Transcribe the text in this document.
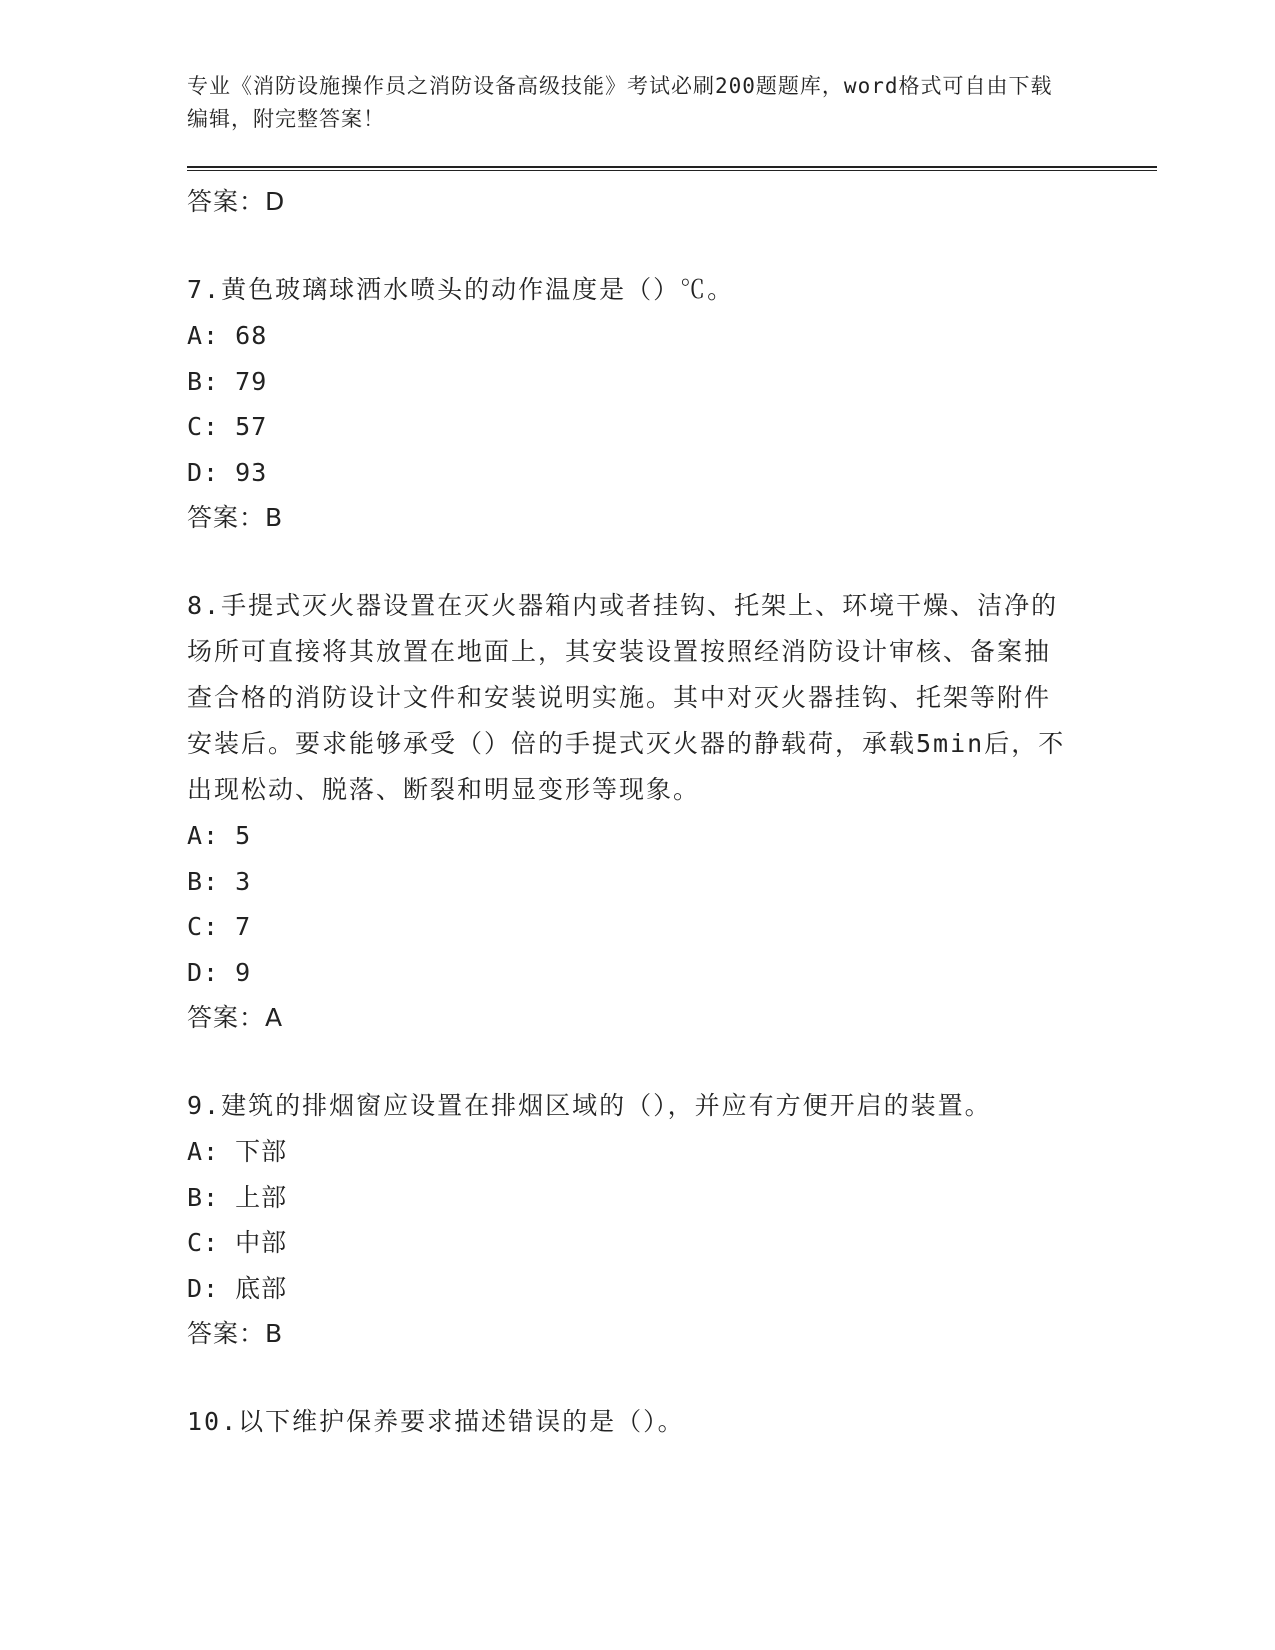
专业《消防设施操作员之消防设备高级技能》考试必刷200题题库，word格式可自由下载编辑，附完整答案！
答案：D
7.黄色玻璃球洒水喷头的动作温度是（）℃。
A: 68
B: 79
C: 57
D: 93
答案：B
8.手提式灭火器设置在灭火器箱内或者挂钩、托架上、环境干燥、洁净的场所可直接将其放置在地面上，其安装设置按照经消防设计审核、备案抽查合格的消防设计文件和安装说明实施。其中对灭火器挂钩、托架等附件安装后。要求能够承受（）倍的手提式灭火器的静载荷，承载5min后，不出现松动、脱落、断裂和明显变形等现象。
A: 5
B: 3
C: 7
D: 9
答案：A
9.建筑的排烟窗应设置在排烟区域的（），并应有方便开启的装置。
A: 下部
B: 上部
C: 中部
D: 底部
答案：B
10.以下维护保养要求描述错误的是（）。
